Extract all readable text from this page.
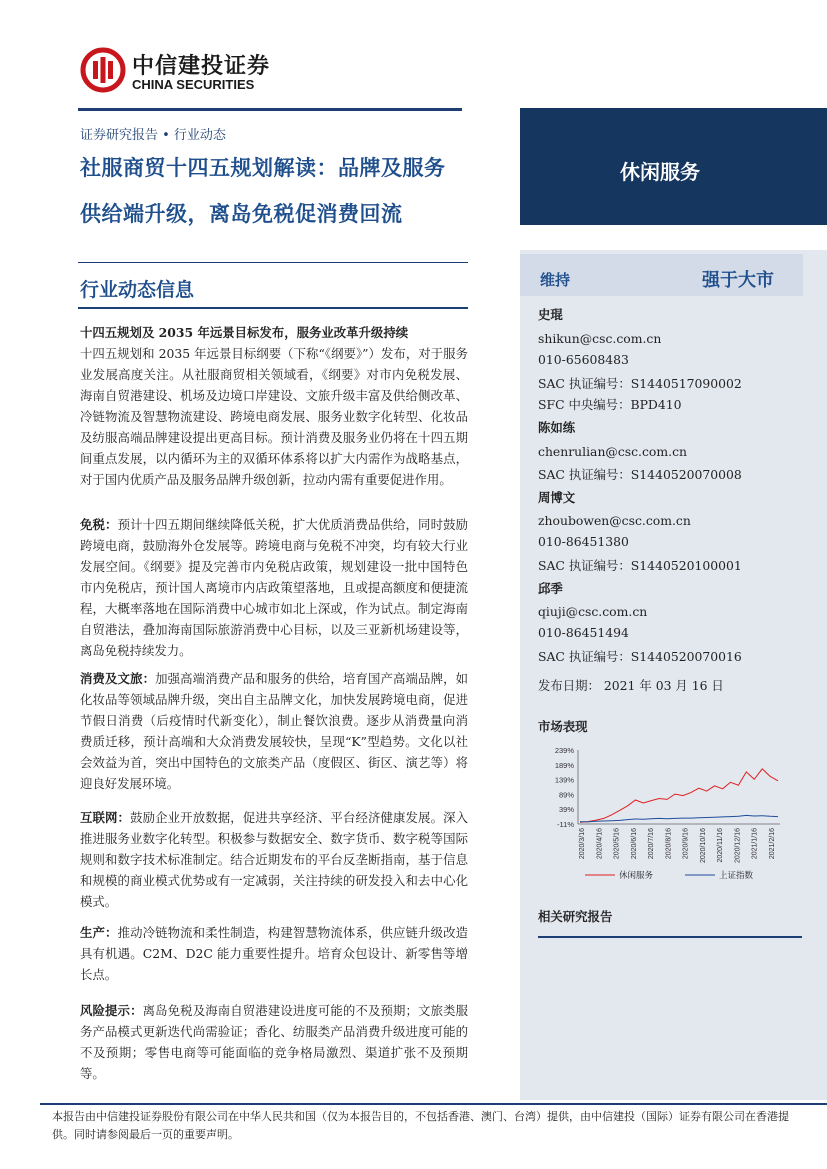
中信建投证券
CHINA SECURITIES
证券研究报告 • 行业动态
社服商贸十四五规划解读：品牌及服务
供给端升级，离岛免税促消费回流
休闲服务
行业动态信息
十四五规划及 2035 年远景目标发布，服务业改革升级持续
十四五规划和 2035 年远景目标纲要（下称“《纲要》”）发布，对于服务业发展高度关注。从社服商贸相关领域看，《纲要》对市内免税发展、海南自贸港建设、机场及边境口岸建设、文旅升级丰富及供给侧改革、冷链物流及智慧物流建设、跨境电商发展、服务业数字化转型、化妆品及纺服高端品牌建设提出更高目标。预计消费及服务业仍将在十四五期间重点发展，以内循环为主的双循环体系将以扩大内需作为战略基点，对于国内优质产品及服务品牌升级创新，拉动内需有重要促进作用。
免税：预计十四五期间继续降低关税，扩大优质消费品供给，同时鼓励跨境电商，鼓励海外仓发展等。跨境电商与免税不冲突，均有较大行业发展空间。《纲要》提及完善市内免税店政策，规划建设一批中国特色市内免税店，预计国人离境市内店政策望落地，且或提高额度和便捷流程，大概率落地在国际消费中心城市如北上深或，作为试点。制定海南自贸港法，叠加海南国际旅游消费中心目标，以及三亚新机场建设等，离岛免税持续发力。
消费及文旅：加强高端消费产品和服务的供给，培育国产高端品牌，如化妆品等领域品牌升级，突出自主品牌文化，加快发展跨境电商，促进节假日消费（后疫情时代新变化），制止餐饮浪费。逐步从消费量向消费质迁移，预计高端和大众消费发展较快，呈现“K”型趋势。文化以社会效益为首，突出中国特色的文旅类产品（度假区、街区、演艺等）将迎良好发展环境。
互联网：鼓励企业开放数据，促进共享经济、平台经济健康发展。深入推进服务业数字化转型。积极参与数据安全、数字货币、数字税等国际规则和数字技术标准制定。结合近期发布的平台反垄断指南，基于信息和规模的商业模式优势或有一定减弱，关注持续的研发投入和去中心化模式。
生产：推动冷链物流和柔性制造，构建智慧物流体系，供应链升级改造具有机遇。C2M、D2C 能力重要性提升。培育众包设计、新零售等增长点。
风险提示：离岛免税及海南自贸港建设进度可能的不及预期；文旅类服务产品模式更新迭代尚需验证；香化、纺服类产品消费升级进度可能的不及预期；零售电商等可能面临的竞争格局激烈、渠道扩张不及预期等。
维持	强于大市
史琨
shikun@csc.com.cn
010-65608483
SAC 执证编号：S1440517090002
SFC 中央编号：BPD410
陈如练
chenrulian@csc.com.cn
SAC 执证编号：S1440520070008
周博文
zhoubowen@csc.com.cn
010-86451380
SAC 执证编号：S1440520100001
邱季
qiuji@csc.com.cn
010-86451494
SAC 执证编号：S1440520070016
发布日期： 2021 年 03 月 16 日
市场表现
239%
189%
139%
89%
39%
-11%
2020/3/16 2020/4/16 2020/5/16 2020/6/16 2020/7/16 2020/8/16 2020/9/16 2020/10/16 2020/11/16 2020/12/16 2021/1/16 2021/2/16
休闲服务	上证指数
相关研究报告
本报告由中信建投证券股份有限公司在中华人民共和国（仅为本报告目的，不包括香港、澳门、台湾）提供，由中信建投（国际）证券有限公司在香港提供。同时请参阅最后一页的重要声明。
